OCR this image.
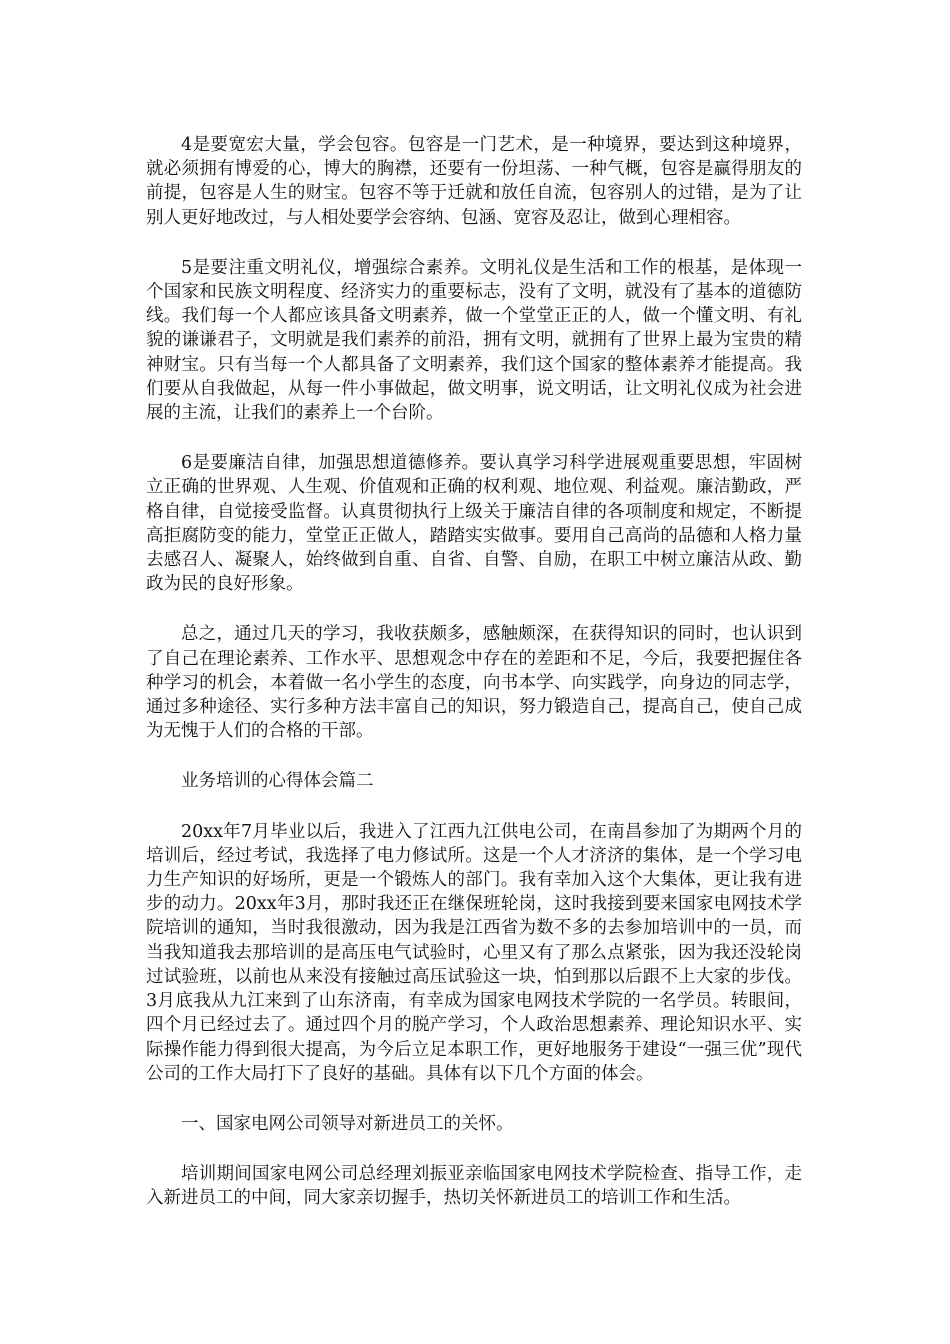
4是要宽宏大量，学会包容。包容是一门艺术，是一种境界，要达到这种境界，就必须拥有博爱的心，博大的胸襟，还要有一份坦荡、一种气概，包容是赢得朋友的前提，包容是人生的财宝。包容不等于迁就和放任自流，包容别人的过错，是为了让别人更好地改过，与人相处要学会容纳、包涵、宽容及忍让，做到心理相容。

5是要注重文明礼仪，增强综合素养。文明礼仪是生活和工作的根基，是体现一个国家和民族文明程度、经济实力的重要标志，没有了文明，就没有了基本的道德防线。我们每一个人都应该具备文明素养，做一个堂堂正正的人，做一个懂文明、有礼貌的谦谦君子，文明就是我们素养的前沿，拥有文明，就拥有了世界上最为宝贵的精神财宝。只有当每一个人都具备了文明素养，我们这个国家的整体素养才能提高。我们要从自我做起，从每一件小事做起，做文明事，说文明话，让文明礼仪成为社会进展的主流，让我们的素养上一个台阶。

6是要廉洁自律，加强思想道德修养。要认真学习科学进展观重要思想，牢固树立正确的世界观、人生观、价值观和正确的权利观、地位观、利益观。廉洁勤政，严格自律，自觉接受监督。认真贯彻执行上级关于廉洁自律的各项制度和规定，不断提高拒腐防变的能力，堂堂正正做人，踏踏实实做事。要用自己高尚的品德和人格力量去感召人、凝聚人，始终做到自重、自省、自警、自励，在职工中树立廉洁从政、勤政为民的良好形象。

总之，通过几天的学习，我收获颇多，感触颇深，在获得知识的同时，也认识到了自己在理论素养、工作水平、思想观念中存在的差距和不足，今后，我要把握住各种学习的机会，本着做一名小学生的态度，向书本学、向实践学，向身边的同志学，通过多种途径、实行多种方法丰富自己的知识，努力锻造自己，提高自己，使自己成为无愧于人们的合格的干部。

业务培训的心得体会篇二

20xx年7月毕业以后，我进入了江西九江供电公司，在南昌参加了为期两个月的培训后，经过考试，我选择了电力修试所。这是一个人才济济的集体，是一个学习电力生产知识的好场所，更是一个锻炼人的部门。我有幸加入这个大集体，更让我有进步的动力。20xx年3月，那时我还正在继保班轮岗，这时我接到要来国家电网技术学院培训的通知，当时我很激动，因为我是江西省为数不多的去参加培训中的一员，而当我知道我去那培训的是高压电气试验时，心里又有了那么点紧张，因为我还没轮岗过试验班，以前也从来没有接触过高压试验这一块，怕到那以后跟不上大家的步伐。3月底我从九江来到了山东济南，有幸成为国家电网技术学院的一名学员。转眼间，四个月已经过去了。通过四个月的脱产学习，个人政治思想素养、理论知识水平、实际操作能力得到很大提高，为今后立足本职工作，更好地服务于建设“一强三优”现代公司的工作大局打下了良好的基础。具体有以下几个方面的体会。

一、国家电网公司领导对新进员工的关怀。

培训期间国家电网公司总经理刘振亚亲临国家电网技术学院检查、指导工作，走入新进员工的中间，同大家亲切握手，热切关怀新进员工的培训工作和生活。
